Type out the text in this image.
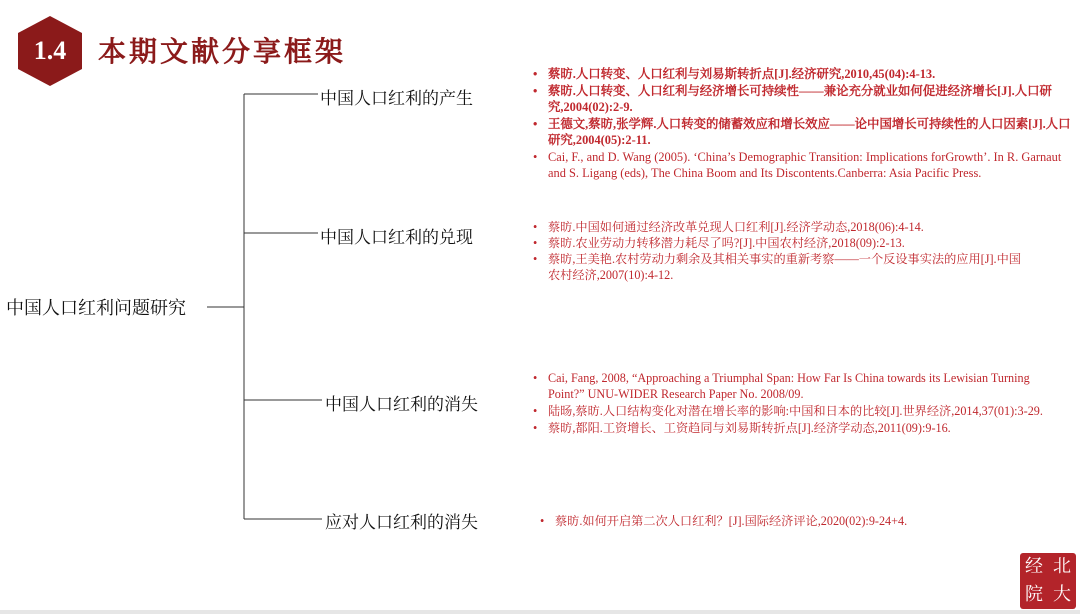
1.4	本期文献分享框架
中国人口红利问题研究
中国人口红利的产生
中国人口红利的兑现
中国人口红利的消失
应对人口红利的消失
• 蔡昉.人口转变、人口红利与刘易斯转折点[J].经济研究,2010,45(04):4-13.
• 蔡昉.人口转变、人口红利与经济增长可持续性——兼论充分就业如何促进经济增长[J].人口研究,2004(02):2-9.
• 王德文,蔡昉,张学辉.人口转变的储蓄效应和增长效应——论中国增长可持续性的人口因素[J].人口研究,2004(05):2-11.
• Cai, F., and D. Wang (2005). ‘China’s Demographic Transition: Implications forGrowth’. In R. Garnaut and S. Ligang (eds), The China Boom and Its Discontents.Canberra: Asia Pacific Press.
• 蔡昉.中国如何通过经济改革兑现人口红利[J].经济学动态,2018(06):4-14.
• 蔡昉.农业劳动力转移潜力耗尽了吗?[J].中国农村经济,2018(09):2-13.
• 蔡昉,王美艳.农村劳动力剩余及其相关事实的重新考察——一个反设事实法的应用[J].中国农村经济,2007(10):4-12.
• Cai, Fang, 2008, “Approaching a Triumphal Span: How Far Is China towards its Lewisian Turning Point?” UNU-WIDER Research Paper No. 2008/09.
• 陆旸,蔡昉.人口结构变化对潜在增长率的影响:中国和日本的比较[J].世界经济,2014,37(01):3-29.
• 蔡昉,都阳.工资增长、工资趋同与刘易斯转折点[J].经济学动态,2011(09):9-16.
• 蔡昉.如何开启第二次人口红利？[J].国际经济评论,2020(02):9-24+4.
经 北
院 大
